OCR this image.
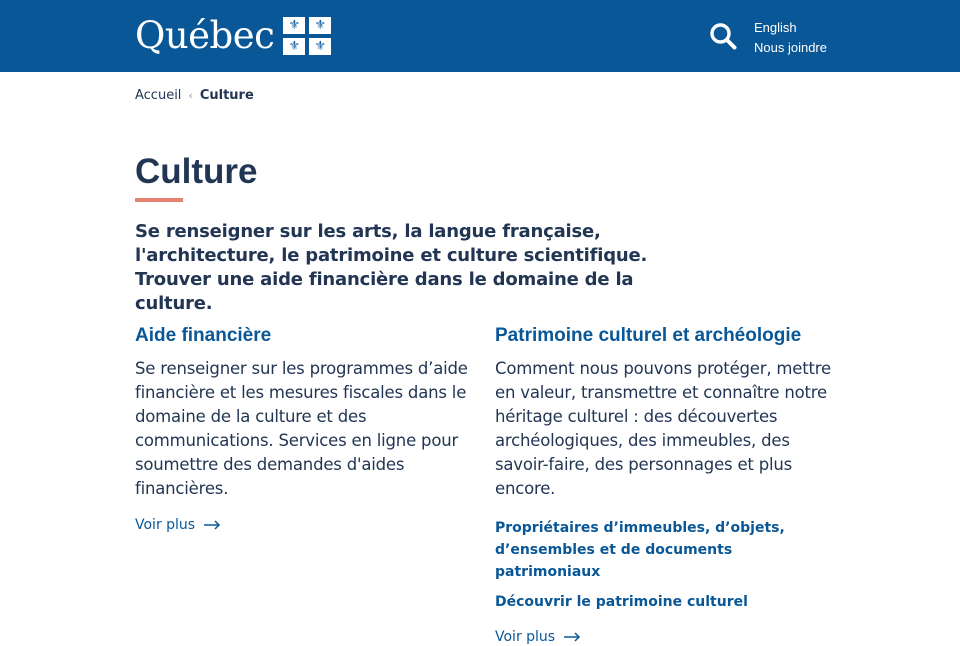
Québec ⚜ ⚜
⚜ ⚜
English
Nous joindre
Accueil ‹ Culture
Culture

Se renseigner sur les arts, la langue française, l'architecture, le patrimoine et culture scientifique. Trouver une aide financière dans le domaine de la culture.

Aide financière

Se renseigner sur les programmes d’aide financière et les mesures fiscales dans le domaine de la culture et des communications. Services en ligne pour soumettre des demandes d'aides financières.

Voir plus
Patrimoine culturel et archéologie

Comment nous pouvons protéger, mettre en valeur, transmettre et connaître notre héritage culturel : des découvertes archéologiques, des immeubles, des savoir-faire, des personnages et plus encore.

Propriétaires d’immeubles, d’objets, d’ensembles et de documents patrimoniaux
Découvrir le patrimoine culturel
Voir plus
